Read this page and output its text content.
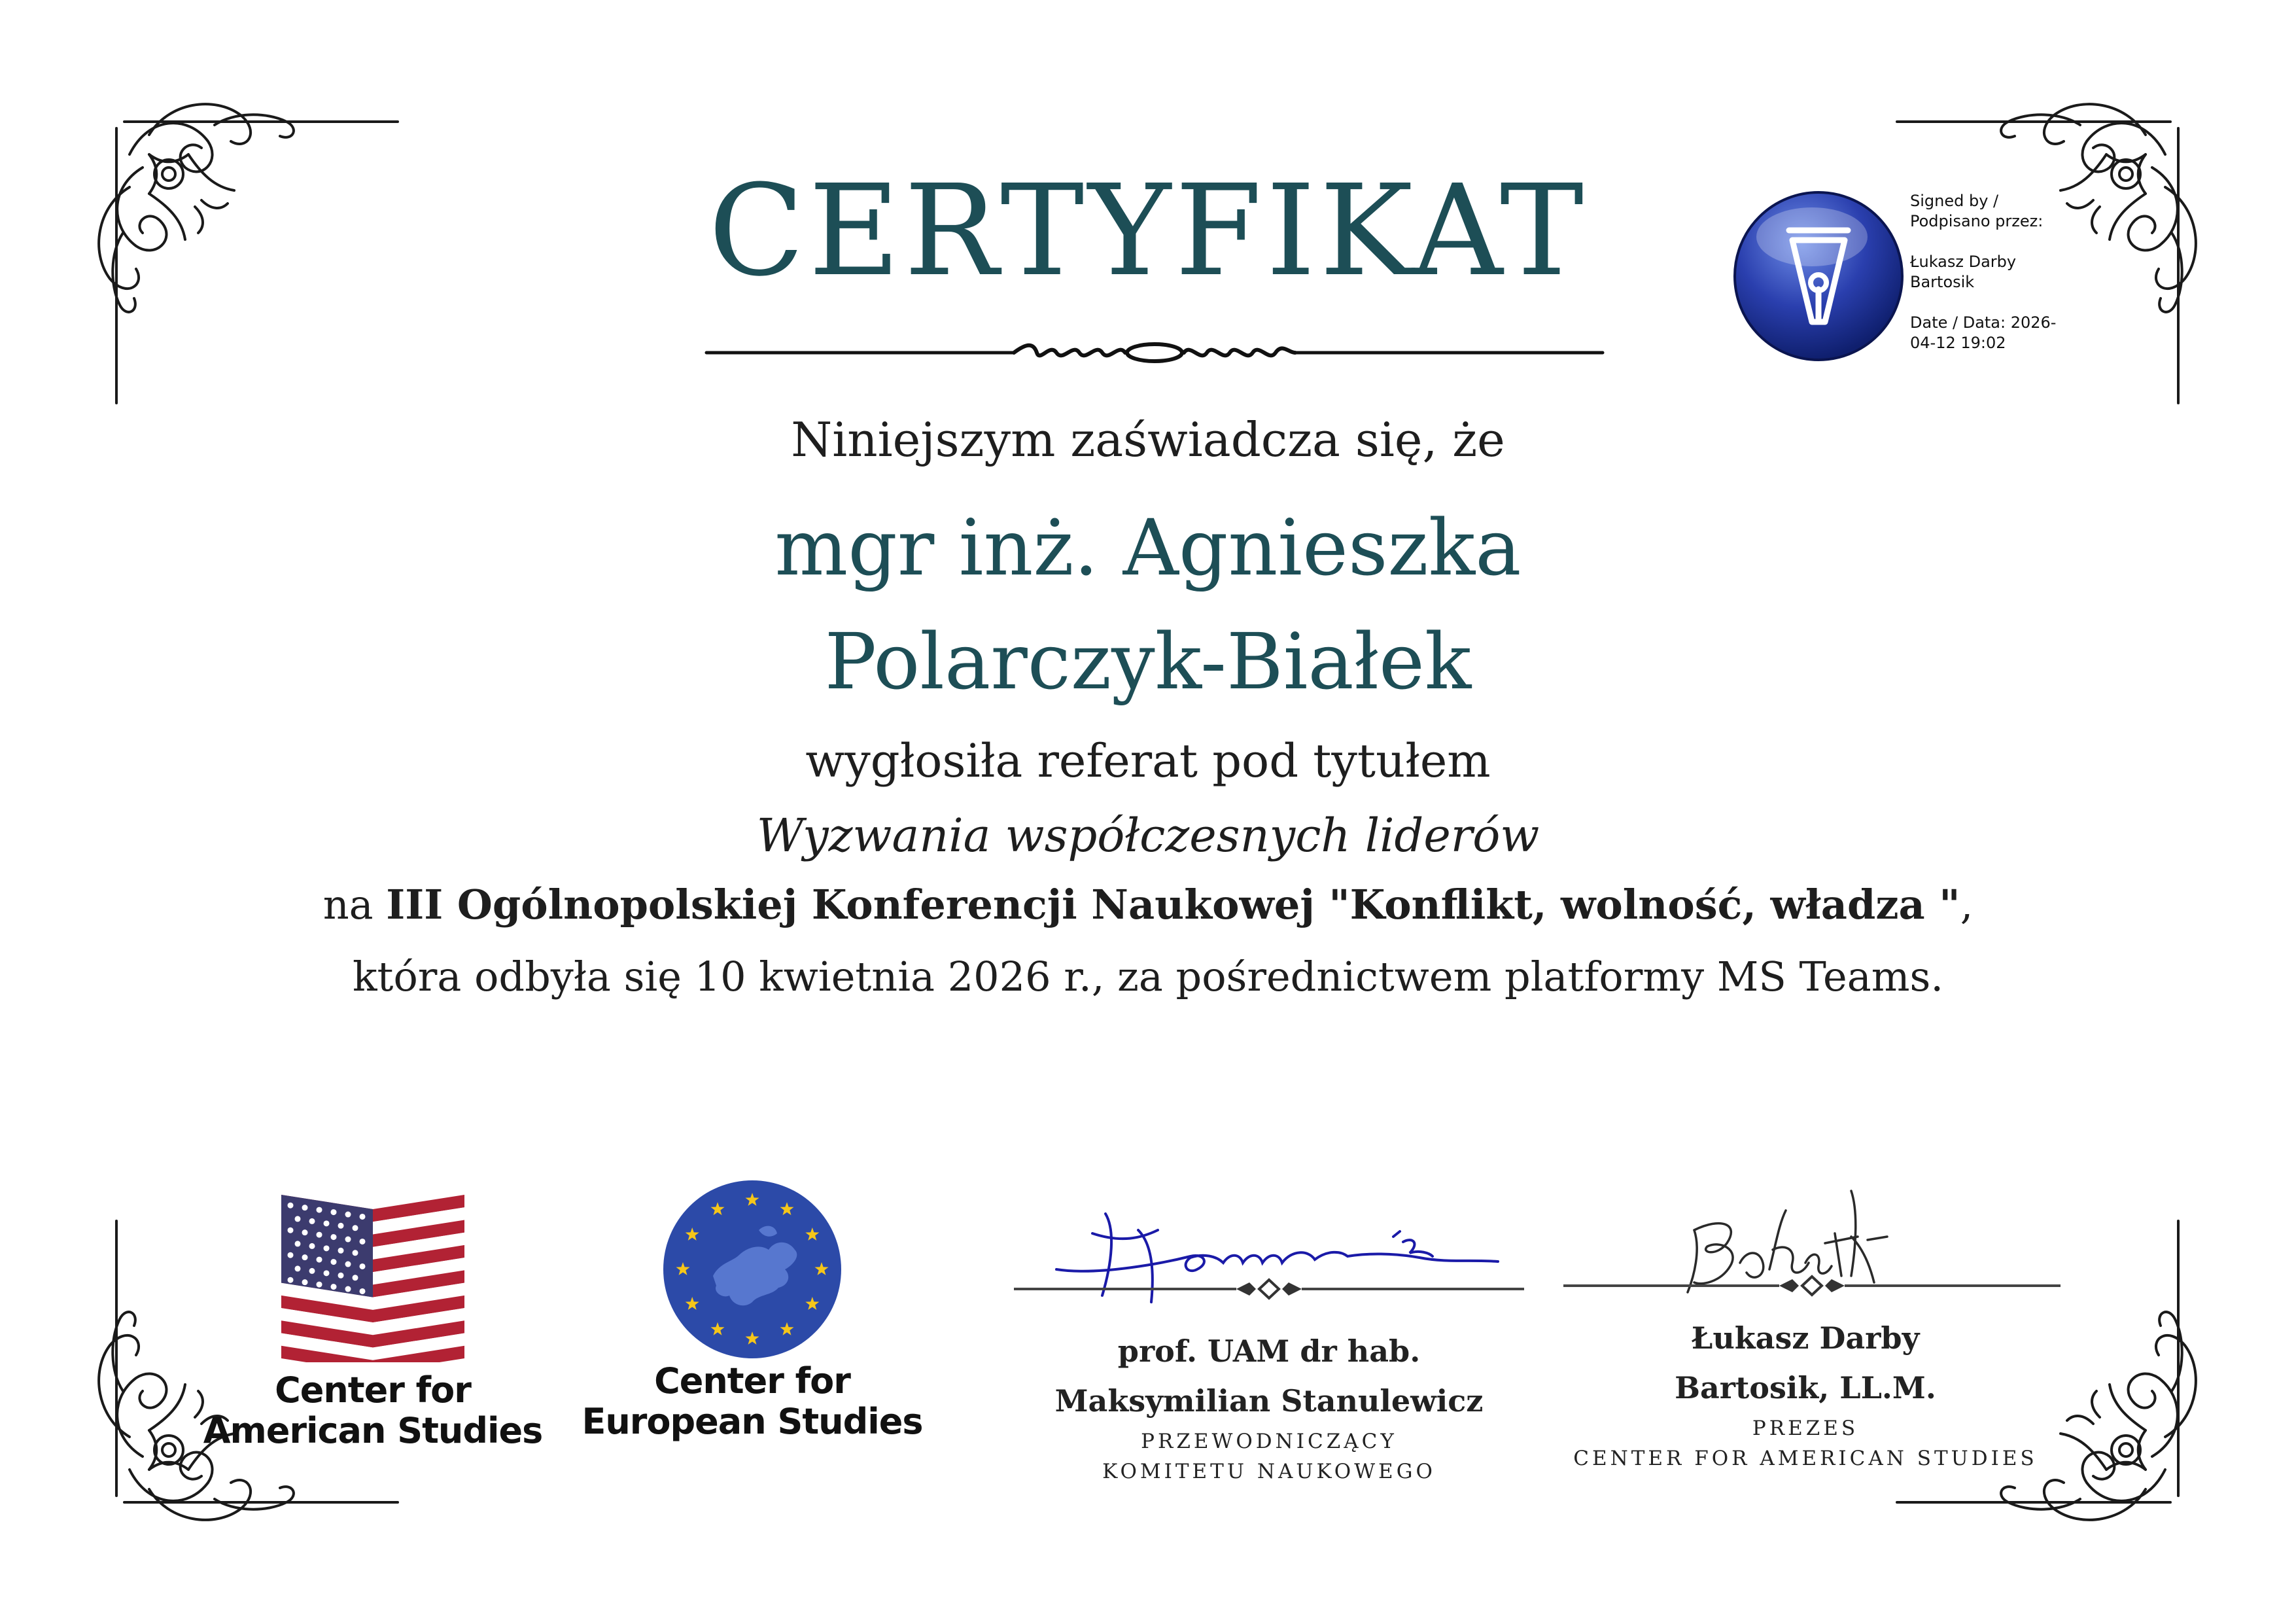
CERTYFIKAT
Niniejszym zaświadcza się, że
mgr inż. Agnieszka
Polarczyk-Białek
wygłosiła referat pod tytułem
Wyzwania współczesnych liderów
na III Ogólnopolskiej Konferencji Naukowej "Konflikt, wolność, władza ",
która odbyła się 10 kwietnia 2026 r., za pośrednictwem platformy MS Teams.
Signed by /
Podpisano przez:
Łukasz Darby
Bartosik
Date / Data: 2026-
04-12 19:02
Center for
American Studies
Center for
European Studies
prof. UAM dr hab.
Maksymilian Stanulewicz
PRZEWODNICZĄCY
KOMITETU NAUKOWEGO
Łukasz Darby
Bartosik, LL.M.
PREZES
CENTER FOR AMERICAN STUDIES
